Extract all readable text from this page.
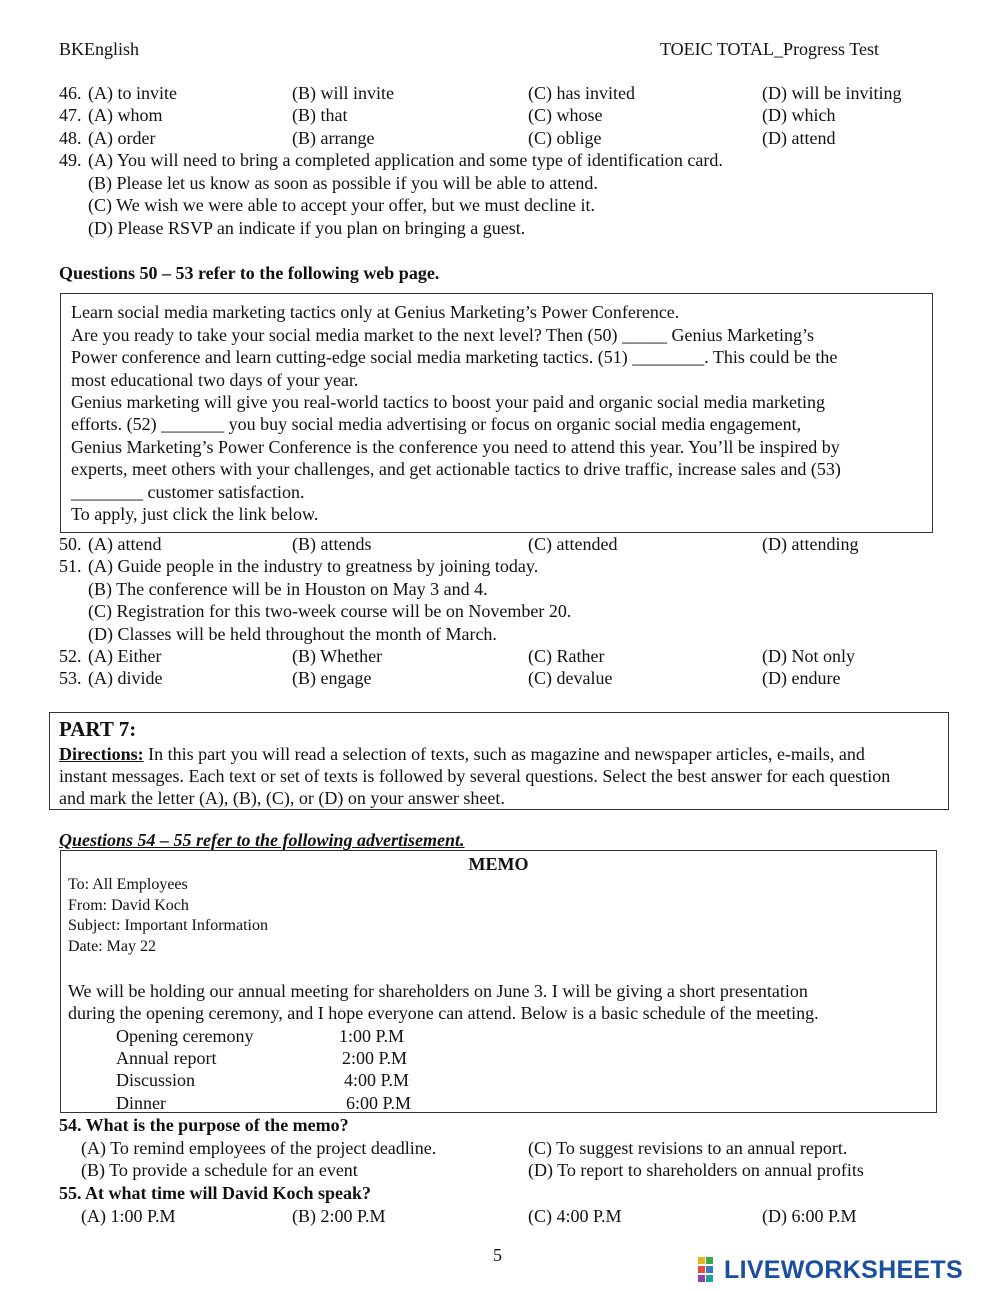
BKEnglish	TOEIC TOTAL_Progress Test
46. (A) to invite	(B) will invite	(C) has invited	(D) will be inviting
47. (A) whom	(B) that	(C) whose	(D) which
48. (A) order	(B) arrange	(C) oblige	(D) attend
49. (A) You will need to bring a completed application and some type of identification card.
(B) Please let us know as soon as possible if you will be able to attend.
(C) We wish we were able to accept your offer, but we must decline it.
(D) Please RSVP an indicate if you plan on bringing a guest.
Questions 50 – 53 refer to the following web page.
Learn social media marketing tactics only at Genius Marketing’s Power Conference.
Are you ready to take your social media market to the next level? Then (50) _____ Genius Marketing’s
Power conference and learn cutting-edge social media marketing tactics. (51) ________. This could be the
most educational two days of your year.
Genius marketing will give you real-world tactics to boost your paid and organic social media marketing
efforts. (52) _______ you buy social media advertising or focus on organic social media engagement,
Genius Marketing’s Power Conference is the conference you need to attend this year. You’ll be inspired by
experts, meet others with your challenges, and get actionable tactics to drive traffic, increase sales and (53)
________ customer satisfaction.
To apply, just click the link below.
50. (A) attend	(B) attends	(C) attended	(D) attending
51. (A) Guide people in the industry to greatness by joining today.
(B) The conference will be in Houston on May 3 and 4.
(C) Registration for this two-week course will be on November 20.
(D) Classes will be held throughout the month of March.
52. (A) Either	(B) Whether	(C) Rather	(D) Not only
53. (A) divide	(B) engage	(C) devalue	(D) endure
PART 7:
Directions: In this part you will read a selection of texts, such as magazine and newspaper articles, e-mails, and
instant messages. Each text or set of texts is followed by several questions. Select the best answer for each question
and mark the letter (A), (B), (C), or (D) on your answer sheet.
Questions 54 – 55 refer to the following advertisement.
MEMO
To: All Employees
From: David Koch
Subject: Important Information
Date: May 22
We will be holding our annual meeting for shareholders on June 3. I will be giving a short presentation
during the opening ceremony, and I hope everyone can attend. Below is a basic schedule of the meeting.
Opening ceremony	1:00 P.M
Annual report	2:00 P.M
Discussion	4:00 P.M
Dinner	6:00 P.M
54. What is the purpose of the memo?
(A) To remind employees of the project deadline.	(C) To suggest revisions to an annual report.
(B) To provide a schedule for an event	(D) To report to shareholders on annual profits
55. At what time will David Koch speak?
(A) 1:00 P.M	(B) 2:00 P.M	(C) 4:00 P.M	(D) 6:00 P.M
5
LIVEWORKSHEETS
